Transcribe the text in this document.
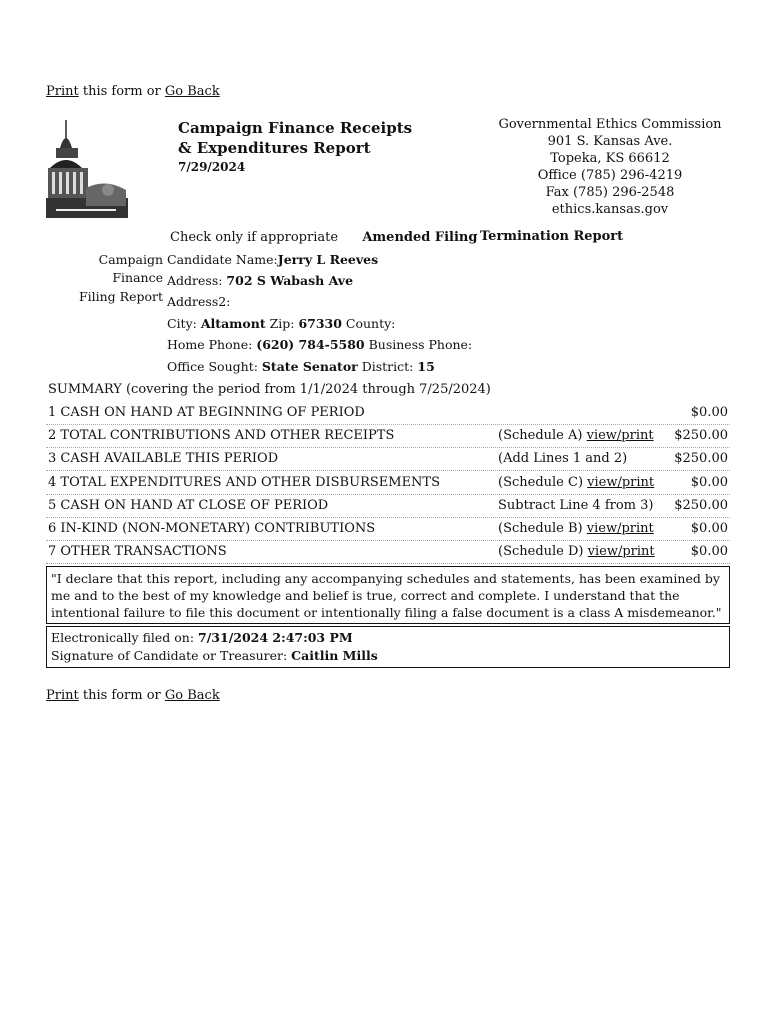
Print this form or Go Back
Campaign Finance Receipts
& Expenditures Report
7/29/2024
Governmental Ethics Commission
901 S. Kansas Ave.
Topeka, KS 66612
Office (785) 296-4219
Fax (785) 296-2548
ethics.kansas.gov
Check only if appropriate Amended Filing Termination Report
Campaign
Finance
Filing Report
Candidate Name:Jerry L Reeves
Address: 702 S Wabash Ave
Address2:
City: Altamont Zip: 67330 County:
Home Phone: (620) 784-5580 Business Phone:
Office Sought: State Senator District: 15
SUMMARY (covering the period from 1/1/2024 through 7/25/2024)
1 CASH ON HAND AT BEGINNING OF PERIOD	$0.00
2 TOTAL CONTRIBUTIONS AND OTHER RECEIPTS	(Schedule A) view/print $250.00
3 CASH AVAILABLE THIS PERIOD	(Add Lines 1 and 2)	$250.00
4 TOTAL EXPENDITURES AND OTHER DISBURSEMENTS	(Schedule C) view/print	$0.00
5 CASH ON HAND AT CLOSE OF PERIOD	Subtract Line 4 from 3) $250.00
6 IN-KIND (NON-MONETARY) CONTRIBUTIONS	(Schedule B) view/print	$0.00
7 OTHER TRANSACTIONS	(Schedule D) view/print	$0.00
"I declare that this report, including any accompanying schedules and statements, has been examined by me and to the best of my knowledge and belief is true, correct and complete. I understand that the intentional failure to file this document or intentionally filing a false document is a class A misdemeanor."
Electronically filed on: 7/31/2024 2:47:03 PM
Signature of Candidate or Treasurer: Caitlin Mills
Print this form or Go Back
